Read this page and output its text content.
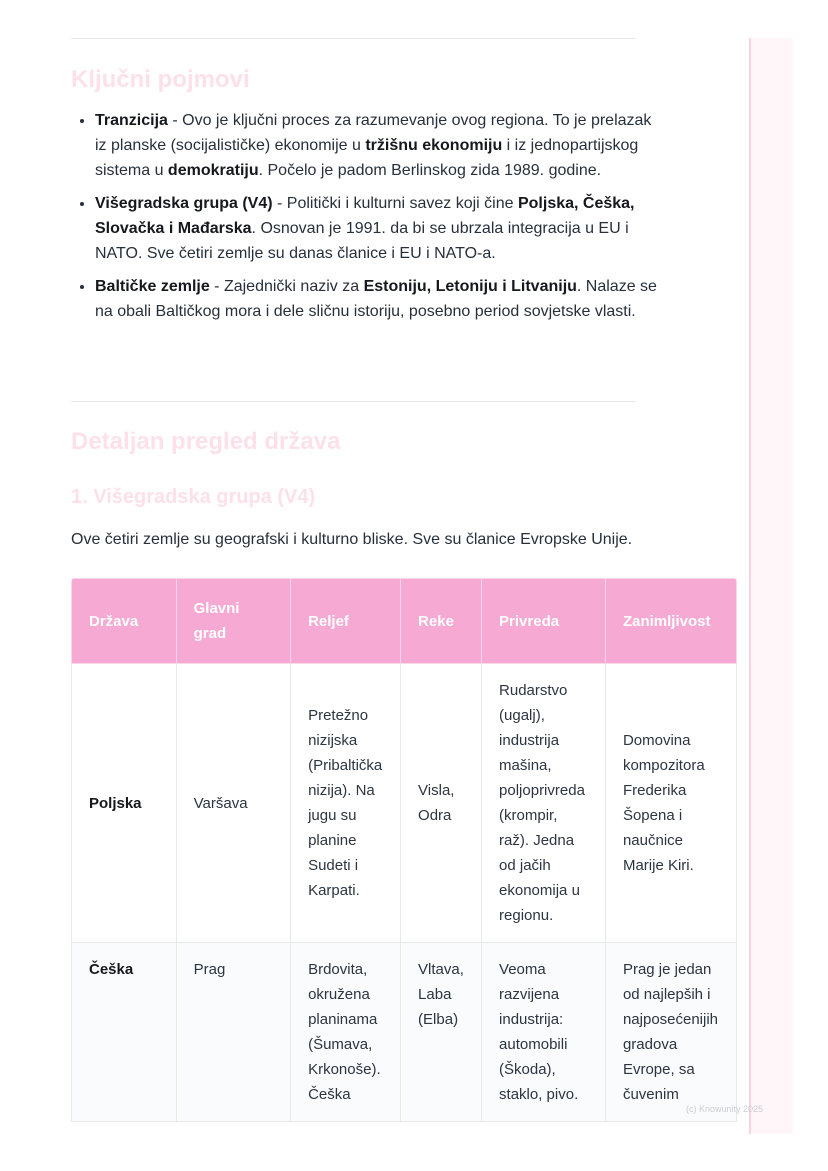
Ključni pojmovi
• Tranzicija - Ovo je ključni proces za razumevanje ovog regiona. To je prelazak iz planske (socijalističke) ekonomije u tržišnu ekonomiju i iz jednopartijskog sistema u demokratiju. Počelo je padom Berlinskog zida 1989. godine.
• Višegradska grupa (V4) - Politički i kulturni savez koji čine Poljska, Češka, Slovačka i Mađarska. Osnovan je 1991. da bi se ubrzala integracija u EU i NATO. Sve četiri zemlje su danas članice i EU i NATO-a.
• Baltičke zemlje - Zajednički naziv za Estoniju, Letoniju i Litvaniju. Nalaze se na obali Baltičkog mora i dele sličnu istoriju, posebno period sovjetske vlasti.
Detaljan pregled država
1. Višegradska grupa (V4)

Ove četiri zemlje su geografski i kulturno bliske. Sve su članice Evropske Unije.

Država	Glavni grad	Reljef	Reke	Privreda	Zanimljivost
Poljska	Varšava	Pretežno nizijska (Pribaltička nizija). Na jugu su planine Sudeti i Karpati.	Visla, Odra	Rudarstvo (ugalj), industrija mašina, poljoprivreda (krompir, raž). Jedna od jačih ekonomija u regionu.	Domovina kompozitora Frederika Šopena i naučnice Marije Kiri.
Češka	Prag	Brdovita, okružena planinama (Šumava, Krkonoše). Češka	Vltava, Laba (Elba)	Veoma razvijena industrija: automobili (Škoda), staklo, pivo.	Prag je jedan od najlepših i najposećenijih gradova Evrope, sa čuvenim
(c) Knowunity 2025
